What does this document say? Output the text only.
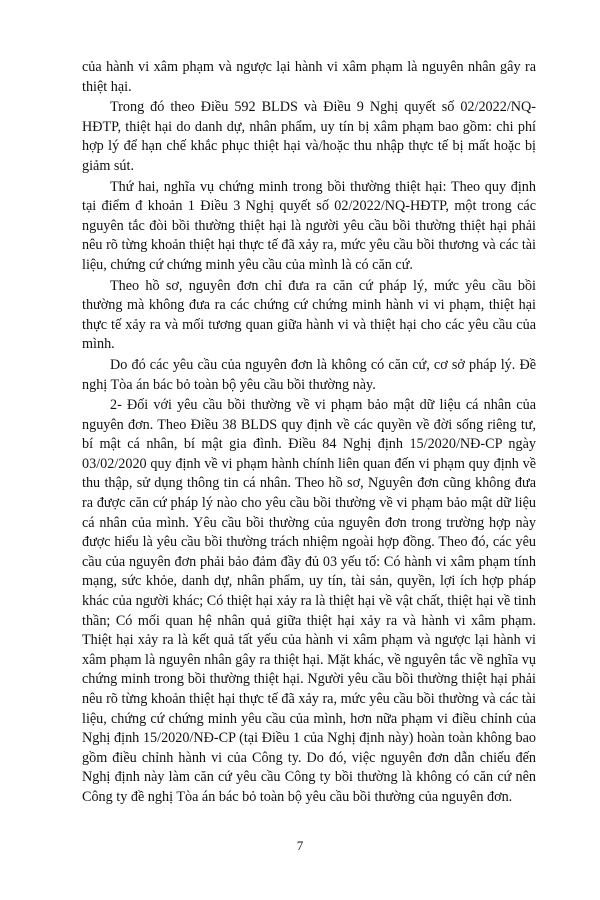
của hành vi xâm phạm và ngược lại hành vi xâm phạm là nguyên nhân gây ra thiệt hại.

Trong đó theo Điều 592 BLDS và Điều 9 Nghị quyết số 02/2022/NQ-HĐTP, thiệt hại do danh dự, nhân phẩm, uy tín bị xâm phạm bao gồm: chi phí hợp lý để hạn chế khắc phục thiệt hại và/hoặc thu nhập thực tế bị mất hoặc bị giảm sút.

Thứ hai, nghĩa vụ chứng minh trong bồi thường thiệt hại: Theo quy định tại điểm đ khoản 1 Điều 3 Nghị quyết số 02/2022/NQ-HĐTP, một trong các nguyên tắc đòi bồi thường thiệt hại là người yêu cầu bồi thường thiệt hại phải nêu rõ từng khoản thiệt hại thực tế đã xảy ra, mức yêu cầu bồi thương và các tài liệu, chứng cứ chứng minh yêu cầu của mình là có căn cứ.

Theo hồ sơ, nguyên đơn chỉ đưa ra căn cứ pháp lý, mức yêu cầu bồi thường mà không đưa ra các chứng cứ chứng minh hành vi vi phạm, thiệt hại thực tế xảy ra và mối tương quan giữa hành vi và thiệt hại cho các yêu cầu của mình.

Do đó các yêu cầu của nguyên đơn là không có căn cứ, cơ sở pháp lý. Đề nghị Tòa án bác bỏ toàn bộ yêu cầu bồi thường này.

2- Đối với yêu cầu bồi thường về vi phạm bảo mật dữ liệu cá nhân của nguyên đơn. Theo Điều 38 BLDS quy định về các quyền về đời sống riêng tư, bí mật cá nhân, bí mật gia đình. Điều 84 Nghị định 15/2020/NĐ-CP ngày 03/02/2020 quy định về vi phạm hành chính liên quan đến vi phạm quy định về thu thập, sử dụng thông tin cá nhân. Theo hồ sơ, Nguyên đơn cũng không đưa ra được căn cứ pháp lý nào cho yêu cầu bồi thường về vi phạm bảo mật dữ liệu cá nhân của mình. Yêu cầu bồi thường của nguyên đơn trong trường hợp này được hiểu là yêu cầu bồi thường trách nhiệm ngoài hợp đồng. Theo đó, các yêu cầu của nguyên đơn phải bảo đảm đầy đủ 03 yếu tố: Có hành vi xâm phạm tính mạng, sức khỏe, danh dự, nhân phẩm, uy tín, tài sản, quyền, lợi ích hợp pháp khác của người khác; Có thiệt hại xảy ra là thiệt hại về vật chất, thiệt hại về tinh thần; Có mối quan hệ nhân quả giữa thiệt hại xảy ra và hành vi xâm phạm. Thiệt hại xảy ra là kết quả tất yếu của hành vi xâm phạm và ngược lại hành vi xâm phạm là nguyên nhân gây ra thiệt hại. Mặt khác, về nguyên tắc về nghĩa vụ chứng minh trong bồi thường thiệt hại. Người yêu cầu bồi thường thiệt hại phải nêu rõ từng khoản thiệt hại thực tế đã xảy ra, mức yêu cầu bồi thường và các tài liệu, chứng cứ chứng minh yêu cầu của mình, hơn nữa phạm vi điều chỉnh của Nghị định 15/2020/NĐ-CP (tại Điều 1 của Nghị định này) hoàn toàn không bao gồm điều chỉnh hành vi của Công ty. Do đó, việc nguyên đơn dẫn chiếu đến Nghị định này làm căn cứ yêu cầu Công ty bồi thường là không có căn cứ nên Công ty đề nghị Tòa án bác bỏ toàn bộ yêu cầu bồi thường của nguyên đơn.

7
